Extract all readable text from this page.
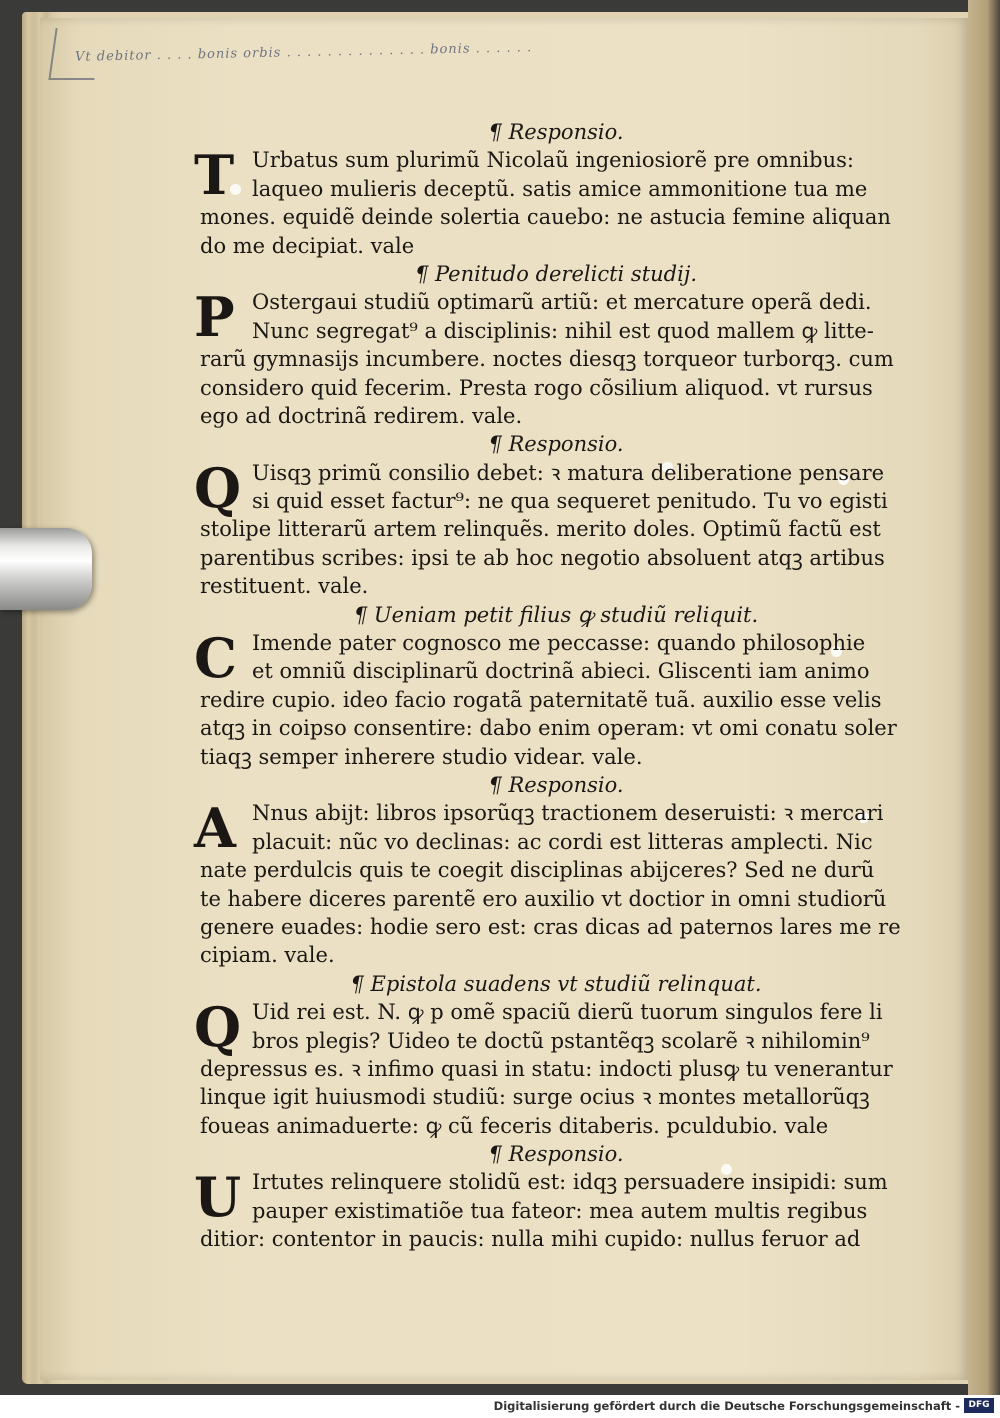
Vt debitor . . . . bonis orbis . . . . . . . . . . . . . . bonis . . . . . .
¶ Responsio.
T Urbatus sum plurimũ Nicolaũ ingeniosiorẽ pre omnibus:
laqueo mulieris deceptũ. satis amice ammonitione tua me
mones. equidẽ deinde solertia cauebo: ne astucia femine aliquan
do me decipiat. vale
¶ Penitudo derelicti studij.
P Ostergaui studiũ optimarũ artiũ: et mercature operã dedi.
Nunc segregat⁹ a disciplinis: nihil est quod mallem ꝙ litte-
rarũ gymnasijs incumbere. noctes diesqꝫ torqueor turborqꝫ. cum
considero quid fecerim. Presta rogo cõsilium aliquod. vt rursus
ego ad doctrinã redirem. vale.
¶ Responsio.
Q Uisqꝫ primũ consilio debet: ꝛ matura deliberatione pensare
si quid esset factur⁹: ne qua sequeret penitudo. Tu vo egisti
stolipe litterarũ artem relinquẽs. merito doles. Optimũ factũ est
parentibus scribes: ipsi te ab hoc negotio absoluent atqꝫ artibus
restituent. vale.
¶ Ueniam petit filius ꝙ studiũ reliquit.
C Imende pater cognosco me peccasse: quando philosophie
et omniũ disciplinarũ doctrinã abieci. Gliscenti iam animo
redire cupio. ideo facio rogatã paternitatẽ tuã. auxilio esse velis
atqꝫ in coipso consentire: dabo enim operam: vt omi conatu soler
tiaqꝫ semper inherere studio videar. vale.
¶ Responsio.
A Nnus abijt: libros ipsorũqꝫ tractionem deseruisti: ꝛ mercari
placuit: nũc vo declinas: ac cordi est litteras amplecti. Nic
nate perdulcis quis te coegit disciplinas abijceres? Sed ne durũ
te habere diceres parentẽ ero auxilio vt doctior in omni studiorũ
genere euades: hodie sero est: cras dicas ad paternos lares me re
cipiam. vale.
¶ Epistola suadens vt studiũ relinquat.
Q Uid rei est. N. ꝙ p omẽ spaciũ dierũ tuorum singulos fere li
bros plegis? Uideo te doctũ pstantẽqꝫ scolarẽ ꝛ nihilomin⁹
depressus es. ꝛ infimo quasi in statu: indocti plusꝙ tu venerantur
linque igit huiusmodi studiũ: surge ocius ꝛ montes metallorũqꝫ
foueas animaduerte: ꝙ cũ feceris ditaberis. pculdubio. vale
¶ Responsio.
U Irtutes relinquere stolidũ est: idqꝫ persuadere insipidi: sum
pauper existimatiõe tua fateor: mea autem multis regibus
ditior: contentor in paucis: nulla mihi cupido: nullus feruor ad
Digitalisierung gefördert durch die Deutsche Forschungsgemeinschaft - DFG
